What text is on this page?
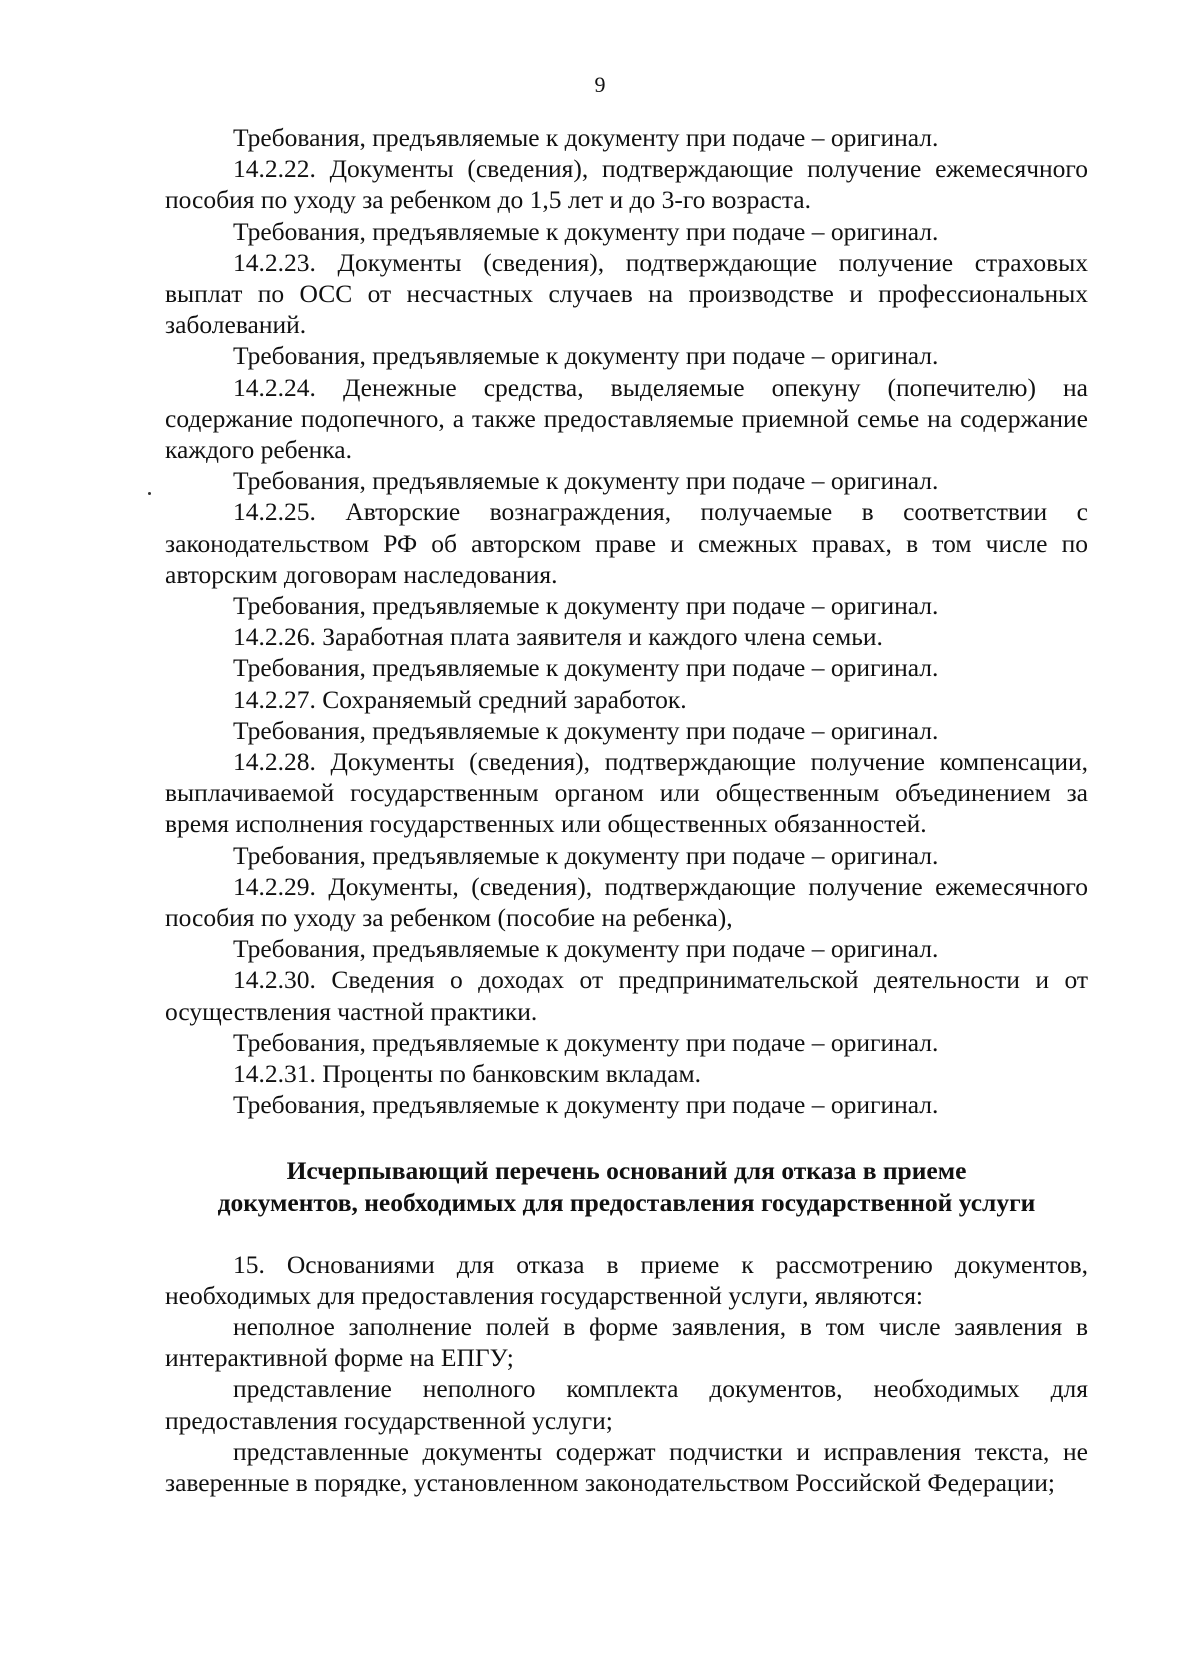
9

Требования, предъявляемые к документу при подаче – оригинал.

14.2.22. Документы (сведения), подтверждающие получение ежемесячного пособия по уходу за ребенком до 1,5 лет и до 3-го возраста.

Требования, предъявляемые к документу при подаче – оригинал.

14.2.23. Документы (сведения), подтверждающие получение страховых выплат по ОСС от несчастных случаев на производстве и профессиональных заболеваний.

Требования, предъявляемые к документу при подаче – оригинал.

14.2.24. Денежные средства, выделяемые опекуну (попечителю) на содержание подопечного, а также предоставляемые приемной семье на содержание каждого ребенка.

Требования, предъявляемые к документу при подаче – оригинал.

14.2.25. Авторские вознаграждения, получаемые в соответствии с законодательством РФ об авторском праве и смежных правах, в том числе по авторским договорам наследования.

Требования, предъявляемые к документу при подаче – оригинал.

14.2.26. Заработная плата заявителя и каждого члена семьи.

Требования, предъявляемые к документу при подаче – оригинал.

14.2.27. Сохраняемый средний заработок.

Требования, предъявляемые к документу при подаче – оригинал.

14.2.28. Документы (сведения), подтверждающие получение компенсации, выплачиваемой государственным органом или общественным объединением за время исполнения государственных или общественных обязанностей.

Требования, предъявляемые к документу при подаче – оригинал.

14.2.29. Документы, (сведения), подтверждающие получение ежемесячного пособия по уходу за ребенком (пособие на ребенка),

Требования, предъявляемые к документу при подаче – оригинал.

14.2.30. Сведения о доходах от предпринимательской деятельности и от осуществления частной практики.

Требования, предъявляемые к документу при подаче – оригинал.

14.2.31. Проценты по банковским вкладам.

Требования, предъявляемые к документу при подаче – оригинал.

Исчерпывающий перечень оснований для отказа в приеме
документов, необходимых для предоставления государственной услуги

15. Основаниями для отказа в приеме к рассмотрению документов, необходимых для предоставления государственной услуги, являются:

неполное заполнение полей в форме заявления, в том числе заявления в интерактивной форме на ЕПГУ;

представление неполного комплекта документов, необходимых для предоставления государственной услуги;

представленные документы содержат подчистки и исправления текста, не заверенные в порядке, установленном законодательством Российской Федерации;
